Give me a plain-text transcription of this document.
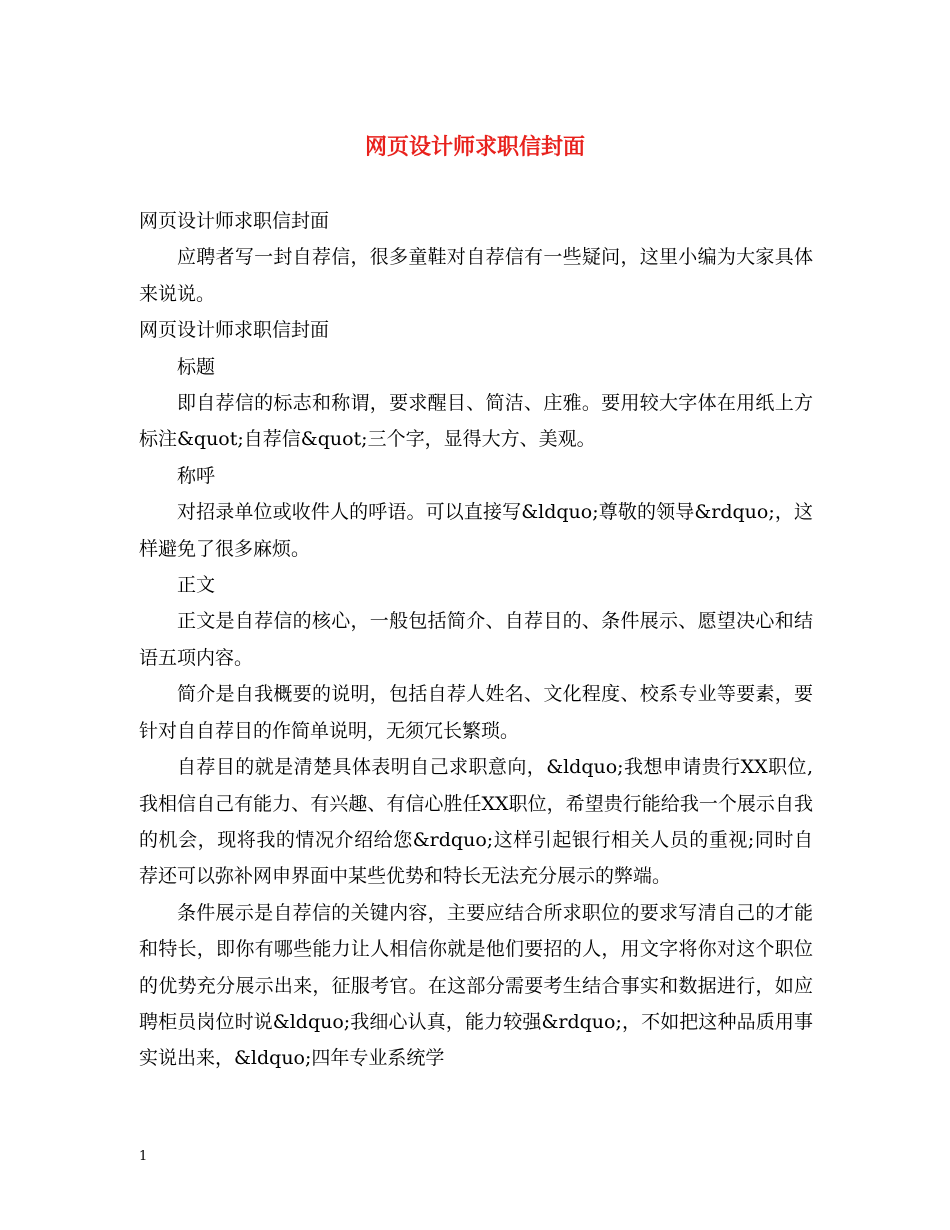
网页设计师求职信封面

网页设计师求职信封面

应聘者写一封自荐信，很多童鞋对自荐信有一些疑问，这里小编为大家具体来说说。

网页设计师求职信封面

标题

即自荐信的标志和称谓，要求醒目、简洁、庄雅。要用较大字体在用纸上方标注&quot;自荐信&quot;三个字，显得大方、美观。

称呼

对招录单位或收件人的呼语。可以直接写&ldquo;尊敬的领导&rdquo;，这样避免了很多麻烦。

正文

正文是自荐信的核心，一般包括简介、自荐目的、条件展示、愿望决心和结语五项内容。

简介是自我概要的说明，包括自荐人姓名、文化程度、校系专业等要素，要针对自自荐目的作简单说明，无须冗长繁琐。

自荐目的就是清楚具体表明自己求职意向，&ldquo;我想申请贵行XX职位,我相信自己有能力、有兴趣、有信心胜任XX职位，希望贵行能给我一个展示自我的机会，现将我的情况介绍给您&rdquo;这样引起银行相关人员的重视;同时自荐还可以弥补网申界面中某些优势和特长无法充分展示的弊端。

条件展示是自荐信的关键内容，主要应结合所求职位的要求写清自己的才能和特长，即你有哪些能力让人相信你就是他们要招的人，用文字将你对这个职位的优势充分展示出来，征服考官。在这部分需要考生结合事实和数据进行，如应聘柜员岗位时说&ldquo;我细心认真，能力较强&rdquo;，不如把这种品质用事实说出来，&ldquo;四年专业系统学

1
